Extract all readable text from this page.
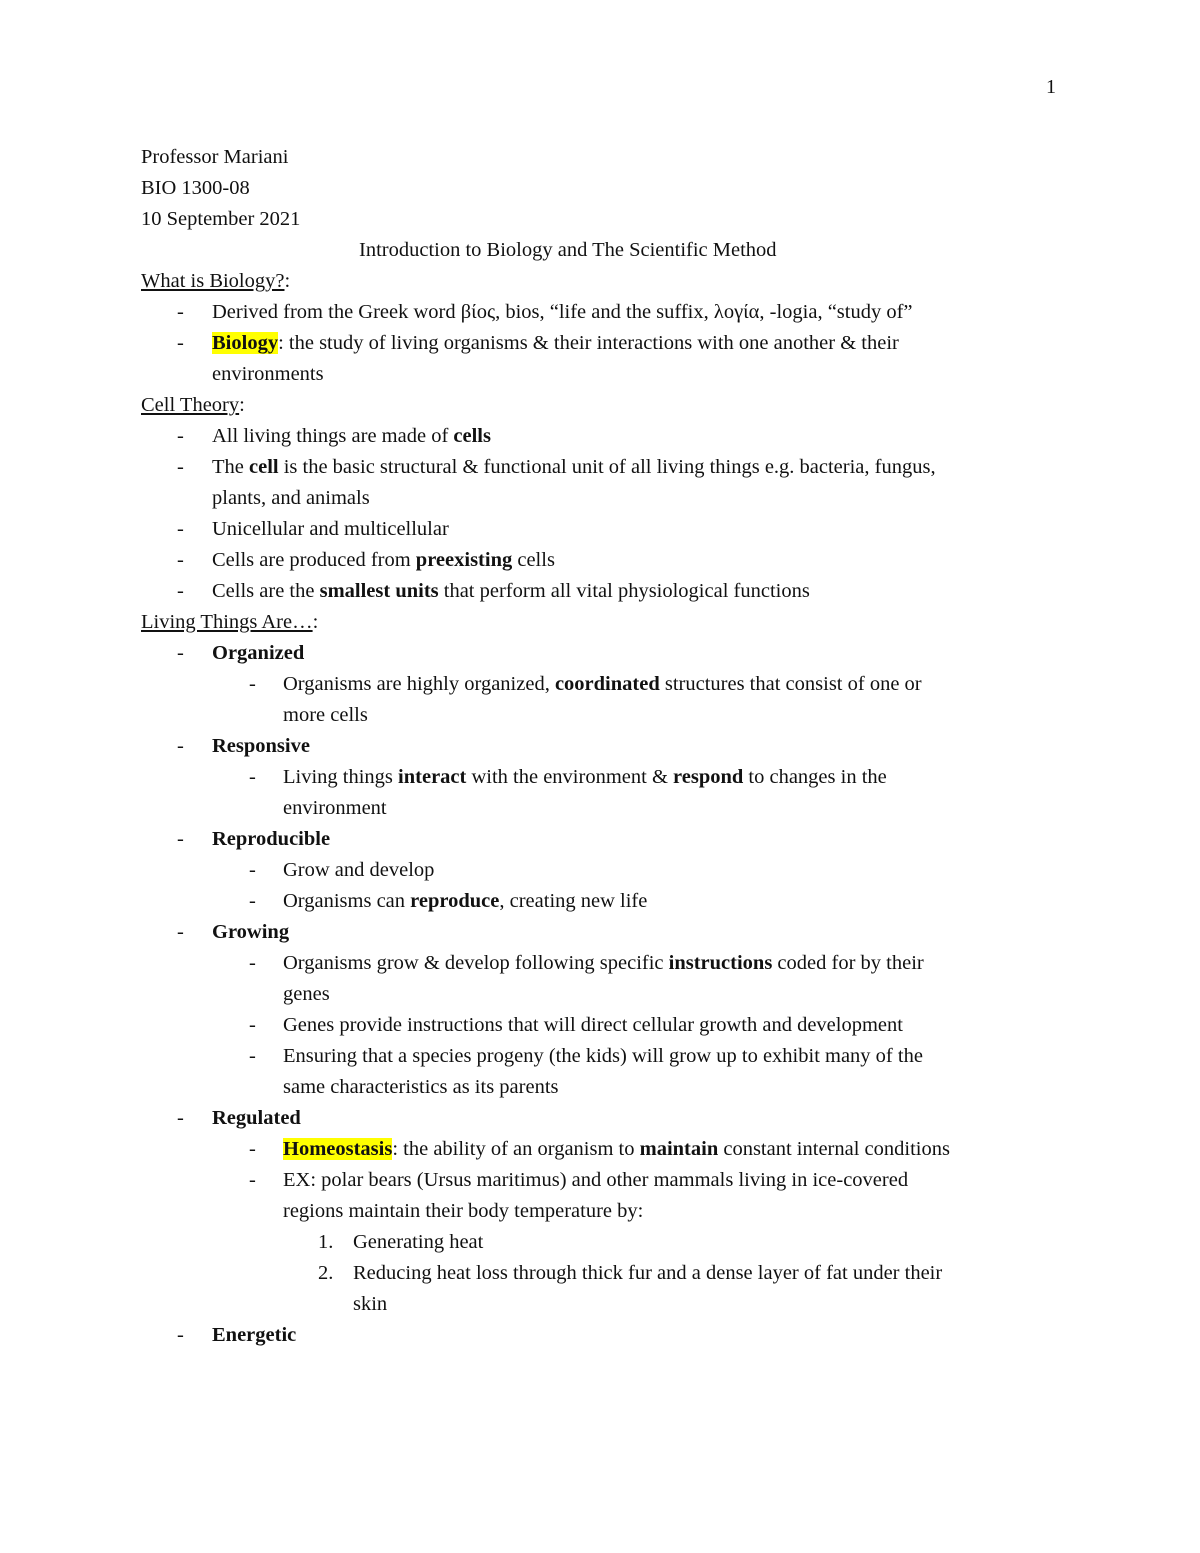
1
Professor Mariani
BIO 1300-08
10 September 2021
Introduction to Biology and The Scientific Method
What is Biology?:
- Derived from the Greek word βίος, bios, “life and the suffix, λογία, -logia, “study of”
- Biology: the study of living organisms & their interactions with one another & their
environments
Cell Theory:
- All living things are made of cells
- The cell is the basic structural & functional unit of all living things e.g. bacteria, fungus,
plants, and animals
- Unicellular and multicellular
- Cells are produced from preexisting cells
- Cells are the smallest units that perform all vital physiological functions
Living Things Are…:
- Organized
- Organisms are highly organized, coordinated structures that consist of one or
more cells
- Responsive
- Living things interact with the environment & respond to changes in the
environment
- Reproducible
- Grow and develop
- Organisms can reproduce, creating new life
- Growing
- Organisms grow & develop following specific instructions coded for by their
genes
- Genes provide instructions that will direct cellular growth and development
- Ensuring that a species progeny (the kids) will grow up to exhibit many of the
same characteristics as its parents
- Regulated
- Homeostasis: the ability of an organism to maintain constant internal conditions
- EX: polar bears (Ursus maritimus) and other mammals living in ice-covered
regions maintain their body temperature by:
1. Generating heat
2. Reducing heat loss through thick fur and a dense layer of fat under their
skin
- Energetic
